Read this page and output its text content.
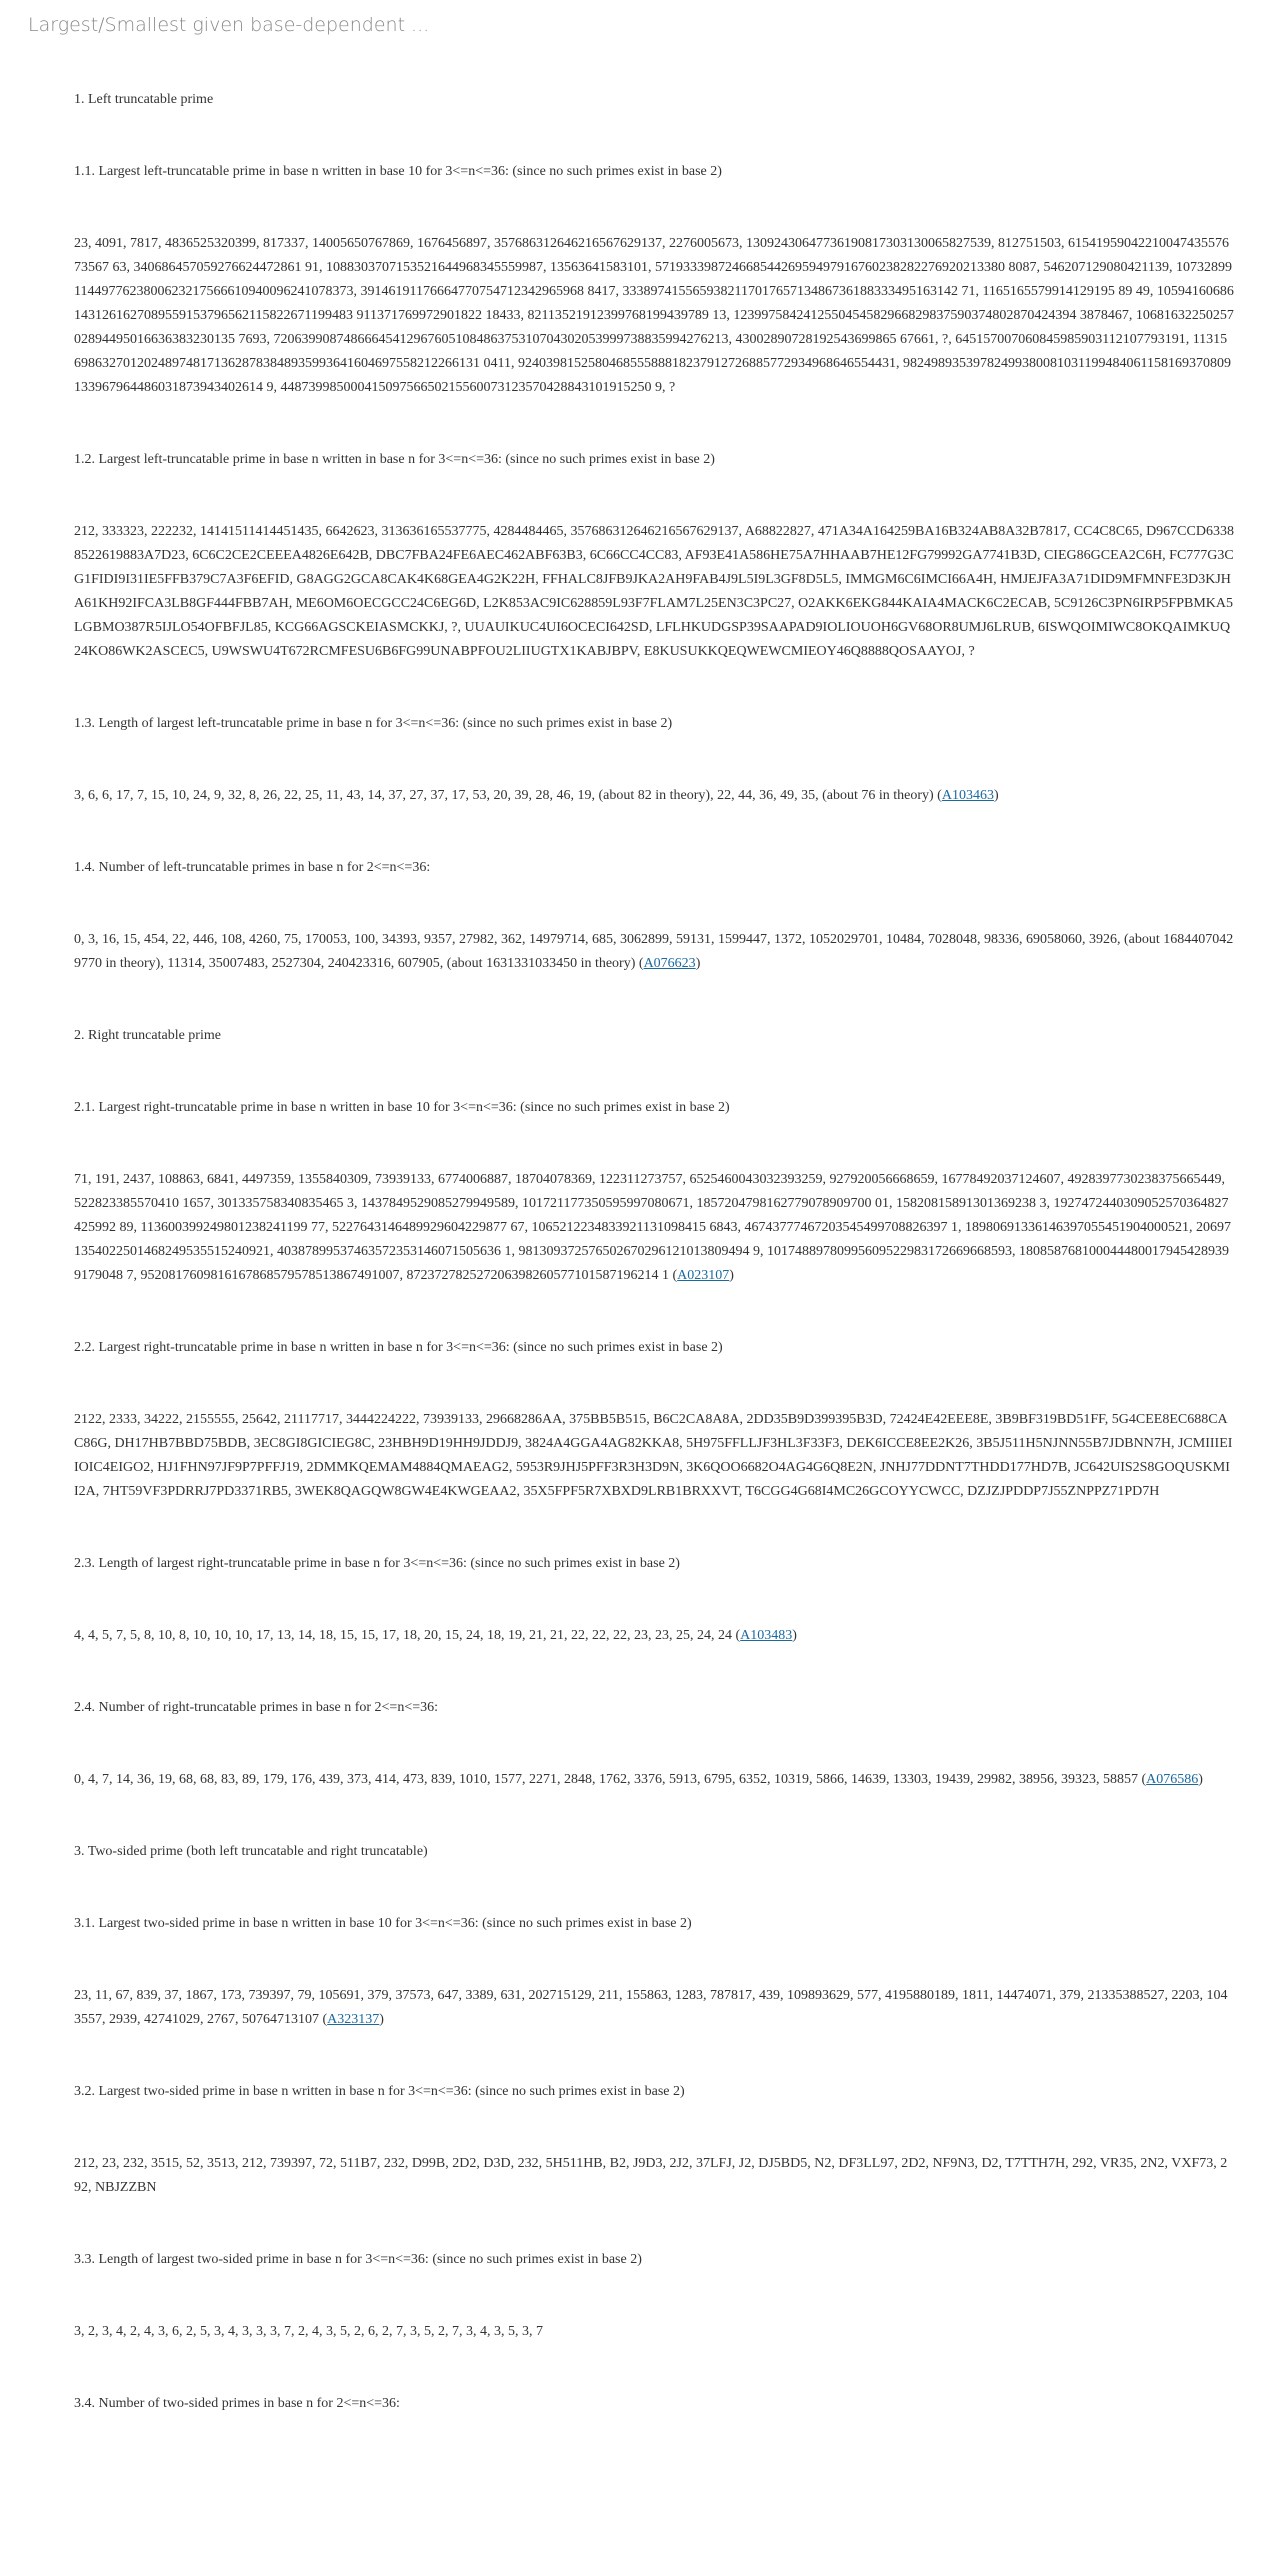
Largest/Smallest given base-dependent ...

1. Left truncatable prime

1.1. Largest left-truncatable prime in base n written in base 10 for 3<=n<=36: (since no such primes exist in base 2)

23, 4091, 7817, 4836525320399, 817337, 14005650767869, 1676456897, 357686312646216567629137, 2276005673, 13092430647736190817303130065827539, 812751503, 6154195904221004743557673567 63, 340686457059276624472861 91, 1088303707153521644968345559987, 13563641583101, 57193339872466854426959497916760238282276920213380 8087, 546207129080421139, 107328991144977623800623217566610940096241078373, 39146191176664770754712342965968 8417, 333897415565938211701765713486736188333495163142 71, 1165165579914129195 89 49, 105941606861431261627089559153796562115822671199483 911371769972901822 18433, 82113521912399768199439789 13, 1239975842412550454582966829837590374802870424394 3878467, 1068163225025702894495016636383230135 7693, 72063990874866645412967605108486375310704302053999738835994276213, 43002890728192543699865 67661, ?, 645157007060845985903112107793191, 113156986327012024897481713628783848935993641604697558212266131 0411, 924039815258046855588818237912726885772934968646554431, 98249893539782499380081031199484061158169370809133967964486031873943402614 9, 44873998500041509756650215560073123570428843101915250 9, ?

1.2. Largest left-truncatable prime in base n written in base n for 3<=n<=36: (since no such primes exist in base 2)

212, 333323, 222232, 14141511414451435, 6642623, 313636165537775, 4284484465, 357686312646216567629137, A68822827, 471A34A164259BA16B324AB8A32B7817, CC4C8C65, D967CCD63388522619883A7D23, 6C6C2CE2CEEEA4826E642B, DBC7FBA24FE6AEC462ABF63B3, 6C66CC4CC83, AF93E41A586HE75A7HHAAB7HE12FG79992GA7741B3D, CIEG86GCEA2C6H, FC777G3CG1FIDI9I31IE5FFB379C7A3F6EFID, G8AGG2GCA8CAK4K68GEA4G2K22H, FFHALC8JFB9JKA2AH9FAB4J9L5I9L3GF8D5L5, IMMGM6C6IMCI66A4H, HMJEJFA3A71DID9MFMNFE3D3KJHA61KH92IFCA3LB8GF444FBB7AH, ME6OM6OECGCC24C6EG6D, L2K853AC9IC628859L93F7FLAM7L25EN3C3PC27, O2AKK6EKG844KAIA4MACK6C2ECAB, 5C9126C3PN6IRP5FPBMKA5LGBMO387R5IJLO54OFBFJL85, KCG66AGSCKEIASMCKKJ, ?, UUAUIKUC4UI6OCECI642SD, LFLHKUDGSP39SAAPAD9IOLIOUOH6GV68OR8UMJ6LRUB, 6ISWQOIMIWC8OKQAIMKUQ24KO86WK2ASCEC5, U9WSWU4T672RCMFESU6B6FG99UNABPFOU2LIIUGTX1KABJBPV, E8KUSUKKQEQWEWCMIEOY46Q8888QOSAAYOJ, ?

1.3. Length of largest left-truncatable prime in base n for 3<=n<=36: (since no such primes exist in base 2)

3, 6, 6, 17, 7, 15, 10, 24, 9, 32, 8, 26, 22, 25, 11, 43, 14, 37, 27, 37, 17, 53, 20, 39, 28, 46, 19, (about 82 in theory), 22, 44, 36, 49, 35, (about 76 in theory) (A103463)

1.4. Number of left-truncatable primes in base n for 2<=n<=36:

0, 3, 16, 15, 454, 22, 446, 108, 4260, 75, 170053, 100, 34393, 9357, 27982, 362, 14979714, 685, 3062899, 59131, 1599447, 1372, 1052029701, 10484, 7028048, 98336, 69058060, 3926, (about 16844070429770 in theory), 11314, 35007483, 2527304, 240423316, 607905, (about 1631331033450 in theory) (A076623)

2. Right truncatable prime

2.1. Largest right-truncatable prime in base n written in base 10 for 3<=n<=36: (since no such primes exist in base 2)

71, 191, 2437, 108863, 6841, 4497359, 1355840309, 73939133, 6774006887, 18704078369, 122311273757, 6525460043032393259, 927920056668659, 16778492037124607, 4928397730238375665449, 522823385570410 1657, 301335758340835465 3, 1437849529085279949589, 101721177350595997080671, 1857204798162779078909700 01, 15820815891301369238 3, 1927472440309052570364827425992 89, 113600399249801238241199 77, 5227643146489929604229877 67, 1065212234833921131098415 6843, 46743777467203545499708826397 1, 18980691336146397055451904000521, 206971354022501468249535515240921, 40387899537463572353146071505636 1, 981309372576502670296121013809494 9, 10174889780995609522983172669668593, 1808587681000444800179454289399179048 7, 9520817609816167868579578513867491007, 872372782527206398260577101587196214 1 (A023107)

2.2. Largest right-truncatable prime in base n written in base n for 3<=n<=36: (since no such primes exist in base 2)

2122, 2333, 34222, 2155555, 25642, 21117717, 3444224222, 73939133, 29668286AA, 375BB5B515, B6C2CA8A8A, 2DD35B9D399395B3D, 72424E42EEE8E, 3B9BF319BD51FF, 5G4CEE8EC688CAC86G, DH17HB7BBD75BDB, 3EC8GI8GICIEG8C, 23HBH9D19HH9JDDJ9, 3824A4GGA4AG82KKA8, 5H975FFLLJF3HL3F33F3, DEK6ICCE8EE2K26, 3B5J511H5NJNN55B7JDBNN7H, JCMIIIEIIOIC4EIGO2, HJ1FHN97JF9P7PFFJ19, 2DMMKQEMAM4884QMAEAG2, 5953R9JHJ5PFF3R3H3D9N, 3K6QOO6682O4AG4G6Q8E2N, JNHJ77DDNT7THDD177HD7B, JC642UIS2S8GOQUSKMII2A, 7HT59VF3PDRRJ7PD3371RB5, 3WEK8QAGQW8GW4E4KWGEAA2, 35X5FPF5R7XBXD9LRB1BRXXVT, T6CGG4G68I4MC26GCOYYCWCC, DZJZJPDDP7J55ZNPPZ71PD7H

2.3. Length of largest right-truncatable prime in base n for 3<=n<=36: (since no such primes exist in base 2)

4, 4, 5, 7, 5, 8, 10, 8, 10, 10, 10, 17, 13, 14, 18, 15, 15, 17, 18, 20, 15, 24, 18, 19, 21, 21, 22, 22, 22, 23, 23, 25, 24, 24 (A103483)

2.4. Number of right-truncatable primes in base n for 2<=n<=36:

0, 4, 7, 14, 36, 19, 68, 68, 83, 89, 179, 176, 439, 373, 414, 473, 839, 1010, 1577, 2271, 2848, 1762, 3376, 5913, 6795, 6352, 10319, 5866, 14639, 13303, 19439, 29982, 38956, 39323, 58857 (A076586)

3. Two-sided prime (both left truncatable and right truncatable)

3.1. Largest two-sided prime in base n written in base 10 for 3<=n<=36: (since no such primes exist in base 2)

23, 11, 67, 839, 37, 1867, 173, 739397, 79, 105691, 379, 37573, 647, 3389, 631, 202715129, 211, 155863, 1283, 787817, 439, 109893629, 577, 4195880189, 1811, 14474071, 379, 21335388527, 2203, 1043557, 2939, 42741029, 2767, 50764713107 (A323137)

3.2. Largest two-sided prime in base n written in base n for 3<=n<=36: (since no such primes exist in base 2)

212, 23, 232, 3515, 52, 3513, 212, 739397, 72, 511B7, 232, D99B, 2D2, D3D, 232, 5H511HB, B2, J9D3, 2J2, 37LFJ, J2, DJ5BD5, N2, DF3LL97, 2D2, NF9N3, D2, T7TTH7H, 292, VR35, 2N2, VXF73, 292, NBJZZBN

3.3. Length of largest two-sided prime in base n for 3<=n<=36: (since no such primes exist in base 2)

3, 2, 3, 4, 2, 4, 3, 6, 2, 5, 3, 4, 3, 3, 3, 7, 2, 4, 3, 5, 2, 6, 2, 7, 3, 5, 2, 7, 3, 4, 3, 5, 3, 7

3.4. Number of two-sided primes in base n for 2<=n<=36:
